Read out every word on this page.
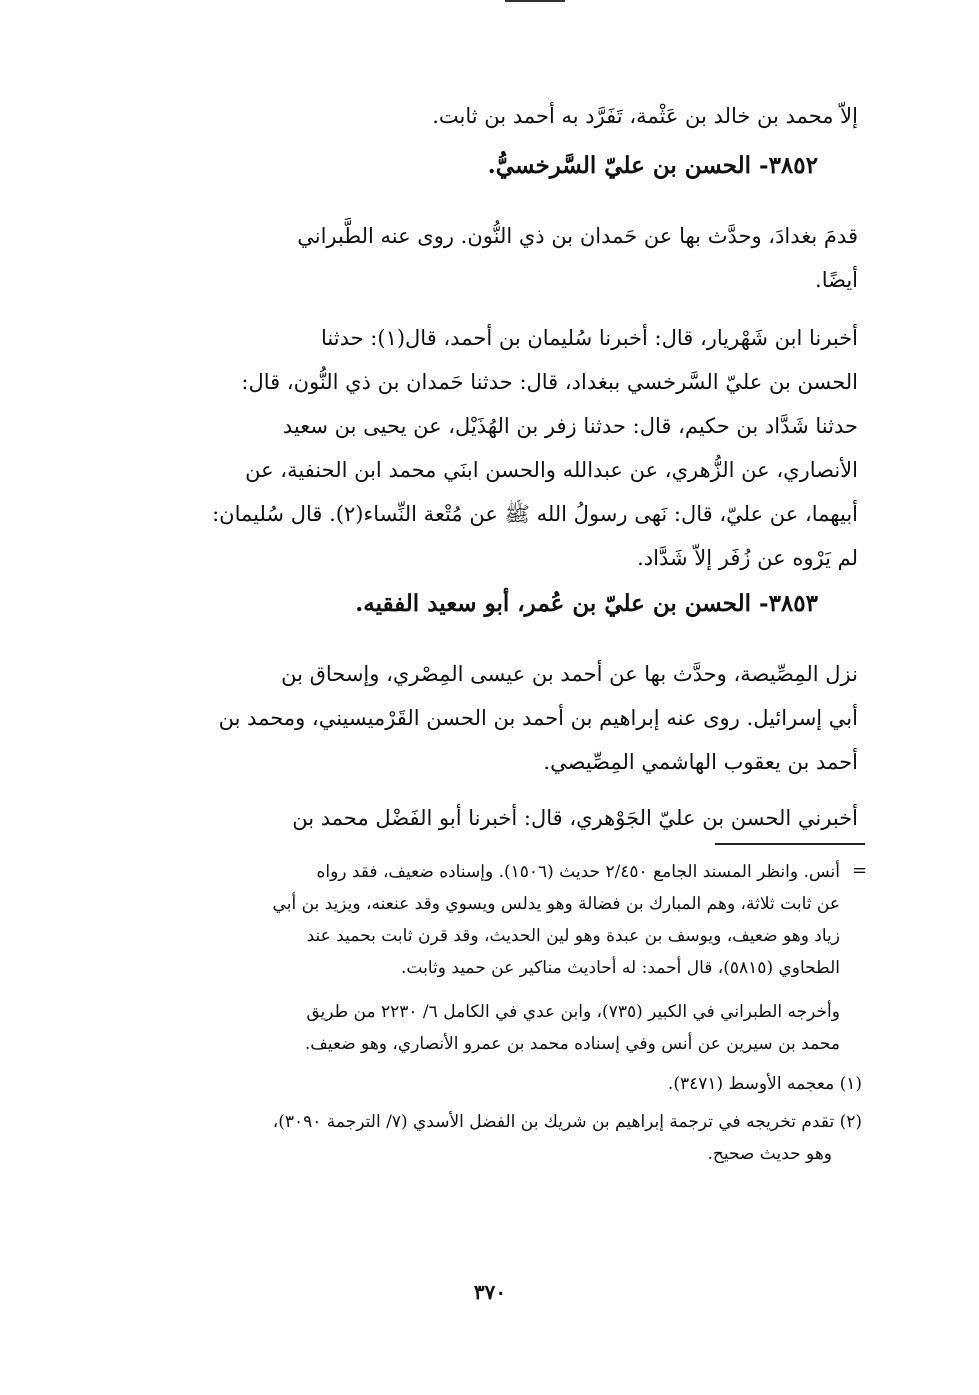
إلاّ محمد بن خالد بن عَثْمة، تَفَرَّد به أحمد بن ثابت.
٣٨٥٢- الحسن بن عليّ السَّرخسيُّ.
قدمَ بغدادَ، وحدَّث بها عن حَمدان بن ذي النُّون. روى عنه الطَّبراني
أيضًا.
أخبرنا ابن شَهْريار، قال: أخبرنا سُليمان بن أحمد، قال(١): حدثنا
الحسن بن عليّ السَّرخسي ببغداد، قال: حدثنا حَمدان بن ذي النُّون، قال:
حدثنا شَدَّاد بن حكيم، قال: حدثنا زفر بن الهُذَيْل، عن يحيى بن سعيد
الأنصاري، عن الزُّهري، عن عبدالله والحسن ابنَي محمد ابن الحنفية، عن
أبيهما، عن عليّ، قال: نَهى رسولُ الله ﷺ عن مُتْعة النِّساء(٢). قال سُليمان:
لم يَرْوه عن زُفَر إلاّ شَدَّاد.
٣٨٥٣- الحسن بن عليّ بن عُمر، أبو سعيد الفقيه.
نزل المِصِّيصة، وحدَّث بها عن أحمد بن عيسى المِصْري، وإسحاق بن
أبي إسرائيل. روى عنه إبراهيم بن أحمد بن الحسن القَرْميسيني، ومحمد بن
أحمد بن يعقوب الهاشمي المِصِّيصي.
أخبرني الحسن بن عليّ الجَوْهري، قال: أخبرنا أبو الفَضْل محمد بن
=
أنس. وانظر المسند الجامع ٢/٤٥٠ حديث (١٥٠٦). وإسناده ضعيف، فقد رواه
عن ثابت ثلاثة، وهم المبارك بن فضالة وهو يدلس ويسوي وقد عنعنه، ويزيد بن أبي
زياد وهو ضعيف، ويوسف بن عبدة وهو لين الحديث، وقد قرن ثابت بحميد عند
الطحاوي (٥٨١٥)، قال أحمد: له أحاديث مناكير عن حميد وثابت.
وأخرجه الطبراني في الكبير (٧٣٥)، وابن عدي في الكامل ٦/ ٢٢٣٠ من طريق
محمد بن سيرين عن أنس وفي إسناده محمد بن عمرو الأنصاري، وهو ضعيف.
(١) معجمه الأوسط (٣٤٧١).
(٢) تقدم تخريجه في ترجمة إبراهيم بن شريك بن الفضل الأسدي (٧/ الترجمة ٣٠٩٠)،
وهو حديث صحيح.
٣٧٠
